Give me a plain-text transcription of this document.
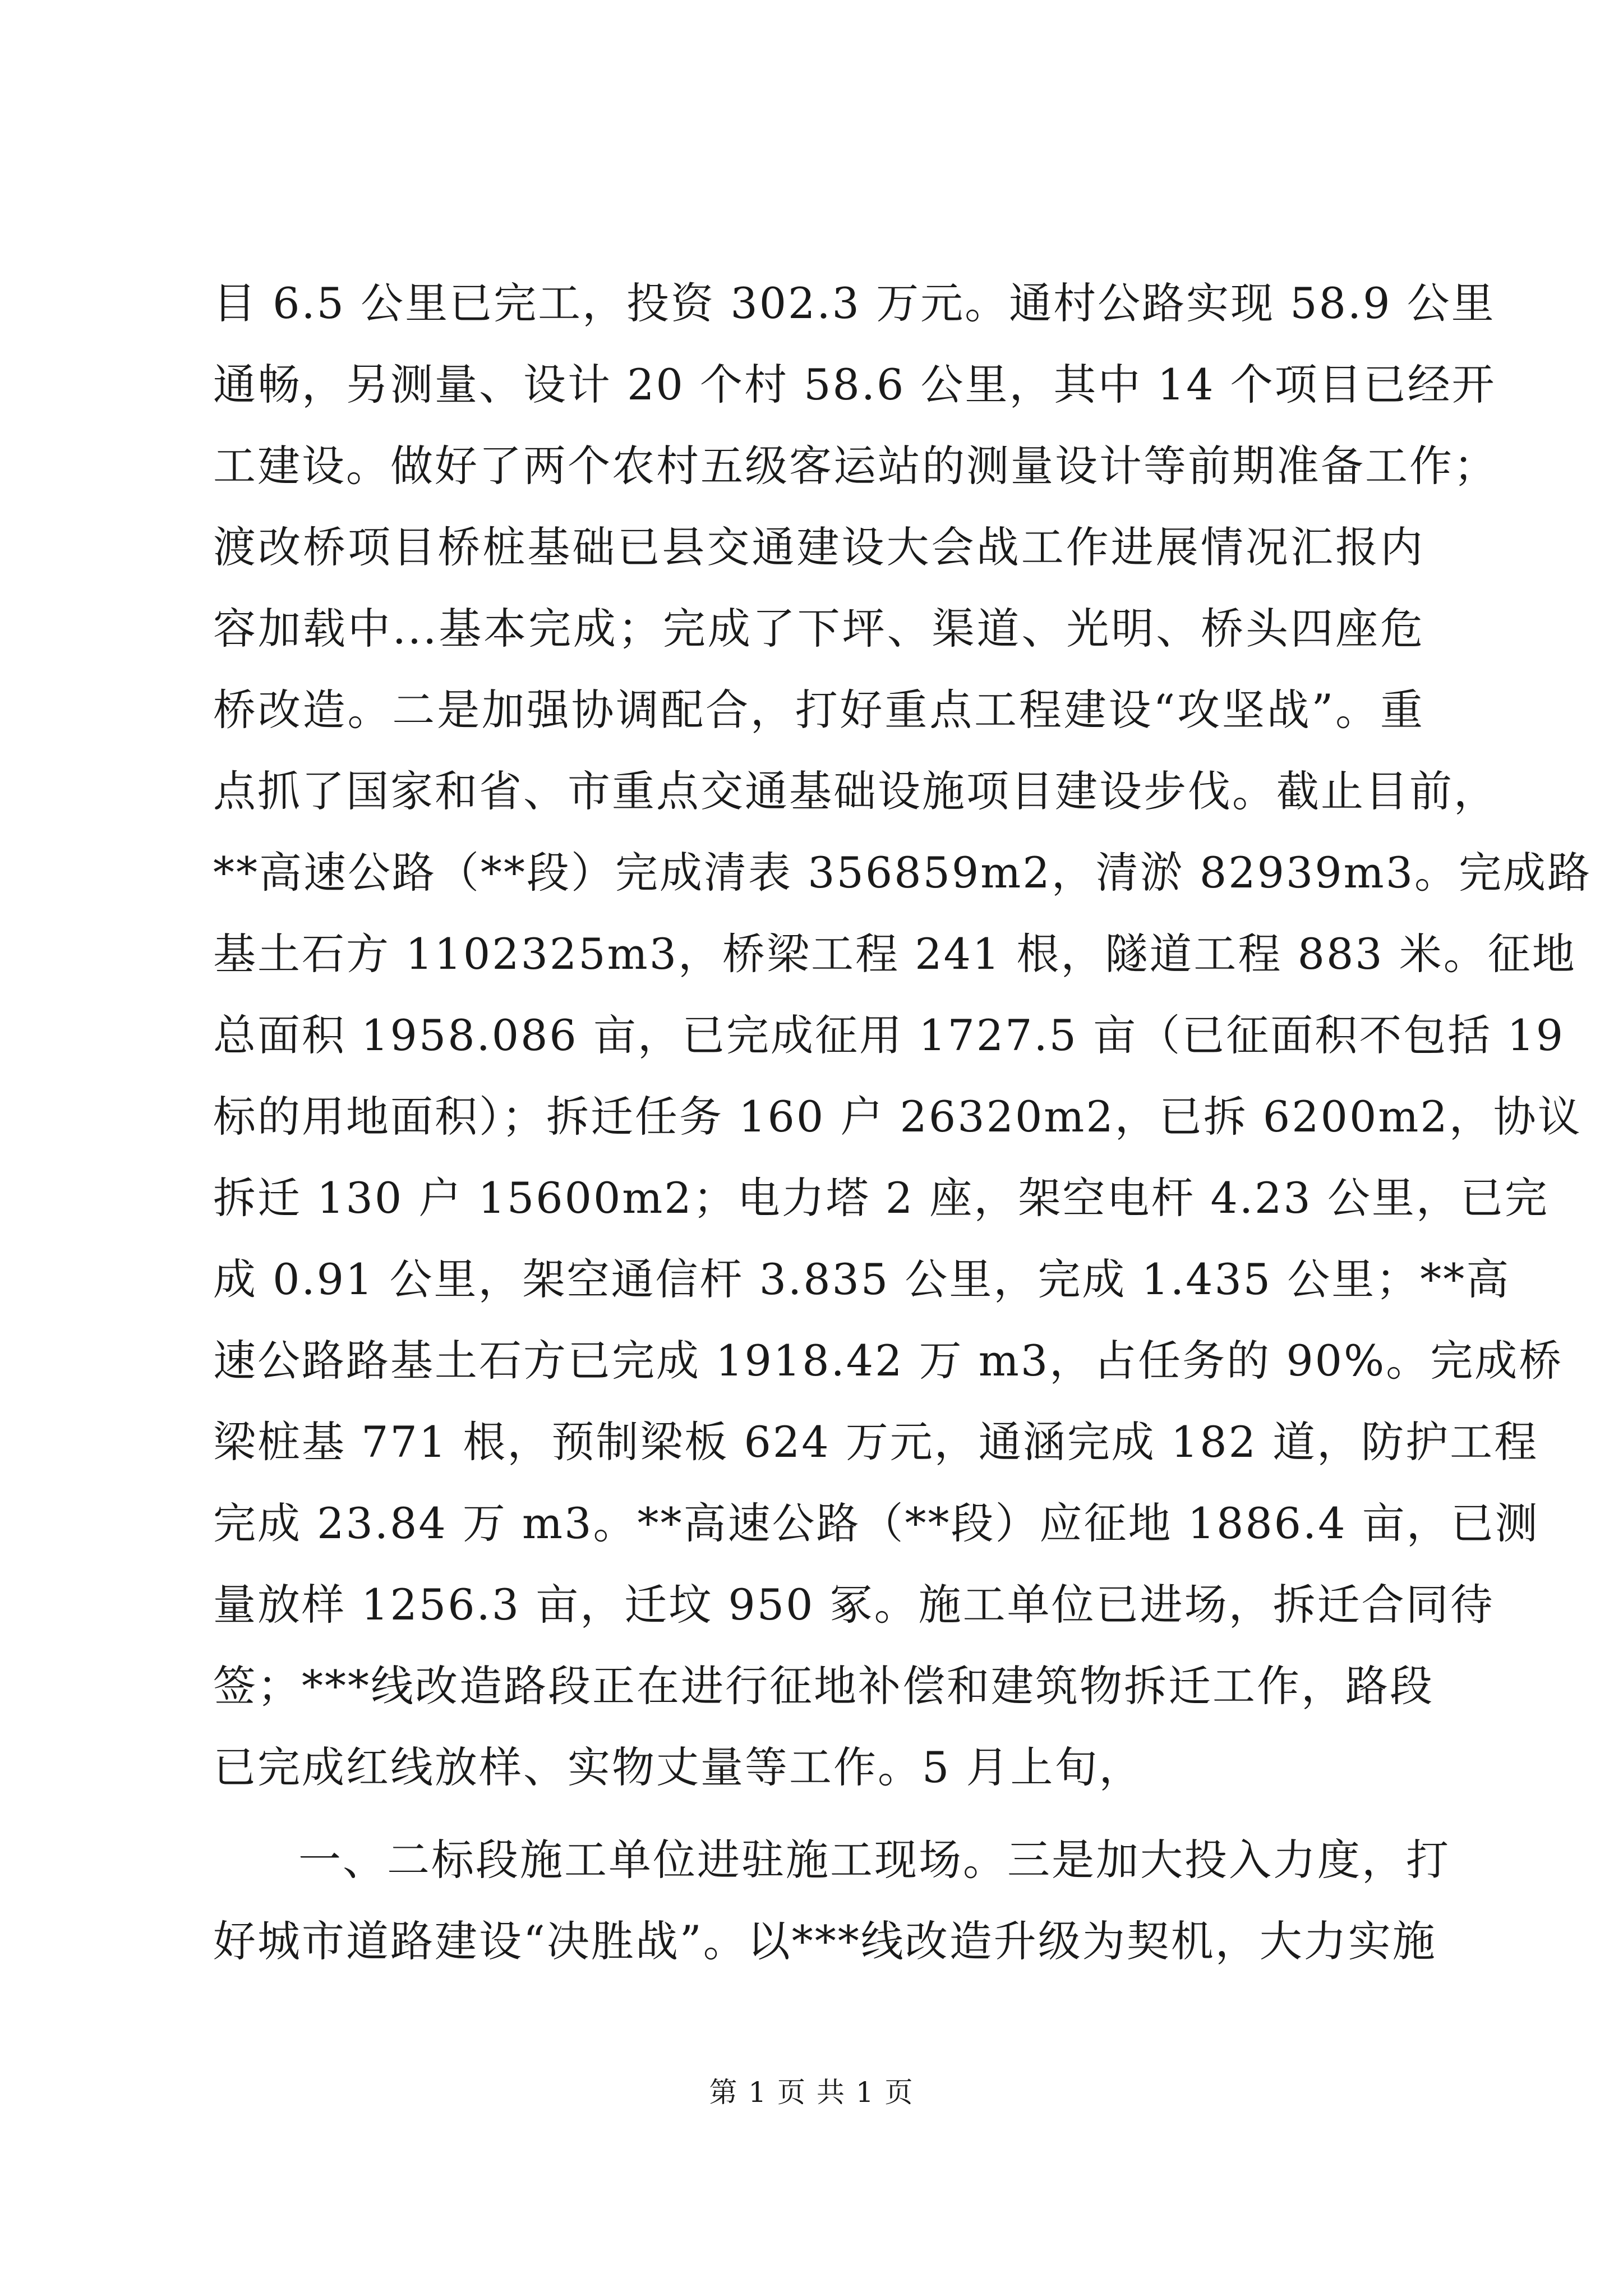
目 6.5 公里已完工，投资 302.3 万元。通村公路实现 58.9 公里
通畅，另测量、设计 20 个村 58.6 公里，其中 14 个项目已经开
工建设。做好了两个农村五级客运站的测量设计等前期准备工作；
渡改桥项目桥桩基础已县交通建设大会战工作进展情况汇报内
容加载中...基本完成；完成了下坪、渠道、光明、桥头四座危
桥改造。二是加强协调配合，打好重点工程建设“攻坚战”。重
点抓了国家和省、市重点交通基础设施项目建设步伐。截止目前，
**高速公路（**段）完成清表 356859m2，清淤 82939m3。完成路
基土石方 1102325m3，桥梁工程 241 根，隧道工程 883 米。征地
总面积 1958.086 亩，已完成征用 1727.5 亩（已征面积不包括 19
标的用地面积）；拆迁任务 160 户 26320m2，已拆 6200m2，协议
拆迁 130 户 15600m2；电力塔 2 座，架空电杆 4.23 公里，已完
成 0.91 公里，架空通信杆 3.835 公里，完成 1.435 公里；**高
速公路路基土石方已完成 1918.42 万 m3，占任务的 90%。完成桥
梁桩基 771 根，预制梁板 624 万元，通涵完成 182 道，防护工程
完成 23.84 万 m3。**高速公路（**段）应征地 1886.4 亩，已测
量放样 1256.3 亩，迁坟 950 冢。施工单位已进场，拆迁合同待
签；***线改造路段正在进行征地补偿和建筑物拆迁工作，路段
已完成红线放样、实物丈量等工作。5 月上旬，
一、二标段施工单位进驻施工现场。三是加大投入力度，打
好城市道路建设“决胜战”。以***线改造升级为契机，大力实施
第 1 页 共 1 页
